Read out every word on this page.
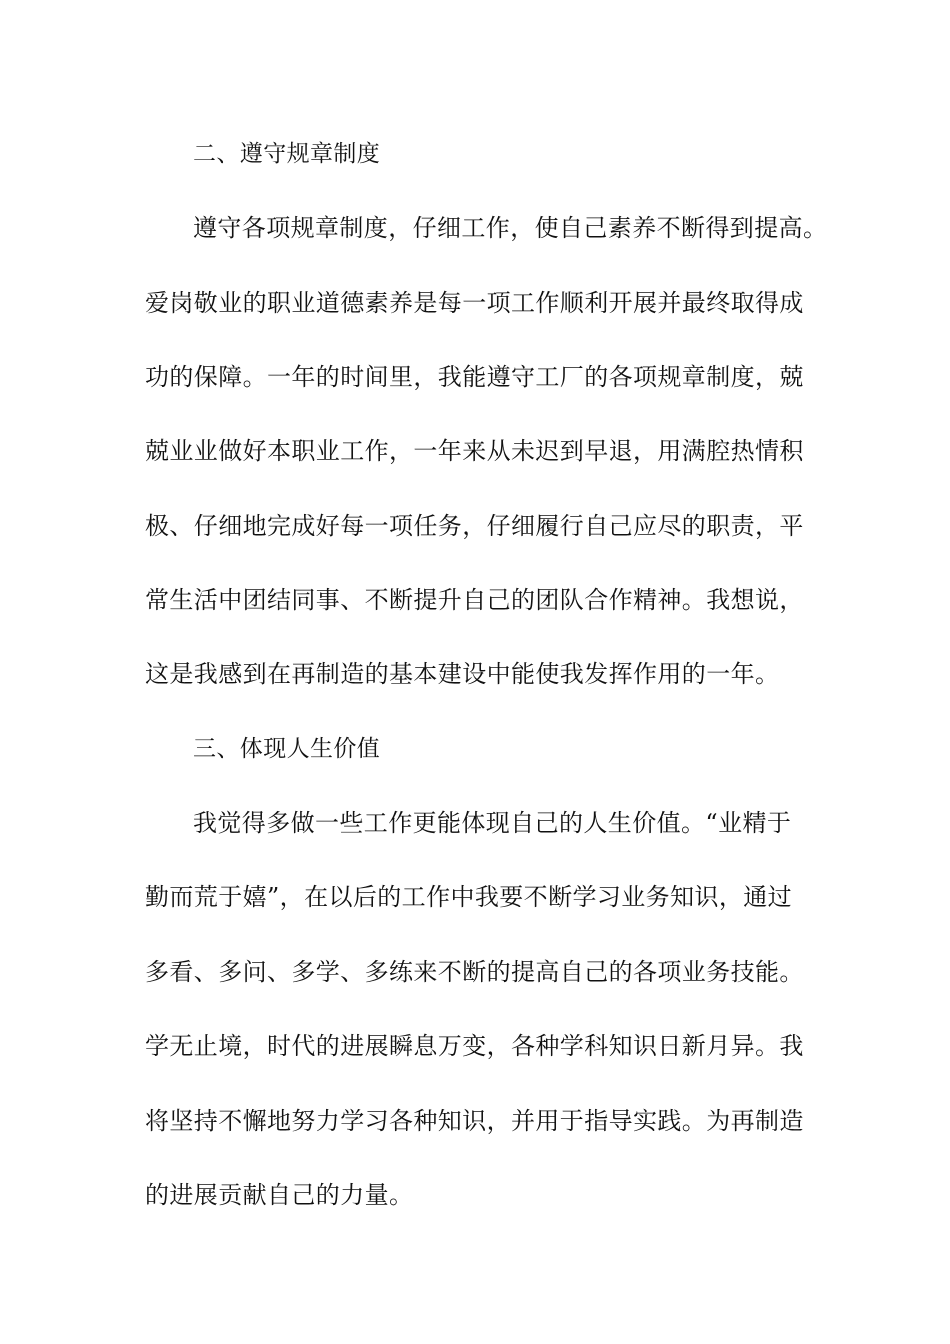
二、遵守规章制度
遵守各项规章制度，仔细工作，使自己素养不断得到提高。
爱岗敬业的职业道德素养是每一项工作顺利开展并最终取得成
功的保障。一年的时间里，我能遵守工厂的各项规章制度，兢
兢业业做好本职业工作，一年来从未迟到早退，用满腔热情积
极、仔细地完成好每一项任务，仔细履行自己应尽的职责，平
常生活中团结同事、不断提升自己的团队合作精神。我想说，
这是我感到在再制造的基本建设中能使我发挥作用的一年。
三、体现人生价值
我觉得多做一些工作更能体现自己的人生价值。“业精于
勤而荒于嬉”，在以后的工作中我要不断学习业务知识，通过
多看、多问、多学、多练来不断的提高自己的各项业务技能。
学无止境，时代的进展瞬息万变，各种学科知识日新月异。我
将坚持不懈地努力学习各种知识，并用于指导实践。为再制造
的进展贡献自己的力量。
